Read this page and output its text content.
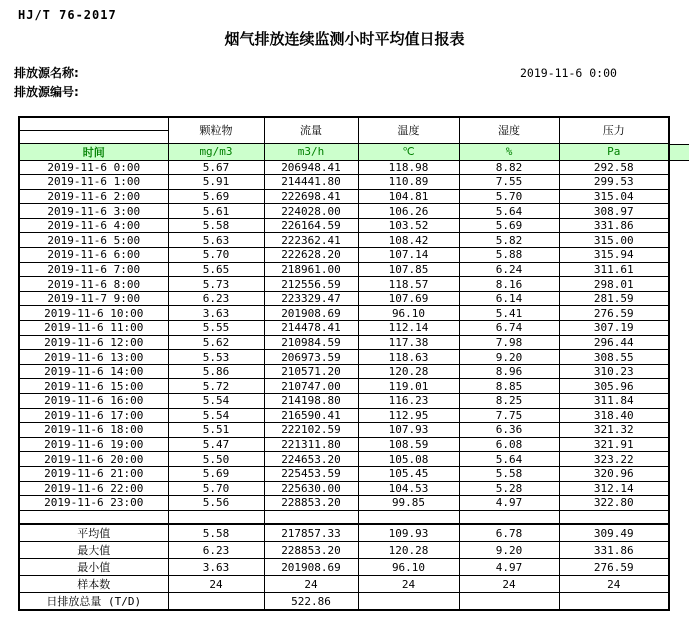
HJ/T 76-2017
烟气排放连续监测小时平均值日报表
排放源名称:
排放源编号:
2019-11-6 0:00
	颗粒物	流量	温度	湿度	压力

时间	mg/m3	m3/h	℃	%	Pa
2019-11-6 0:00	5.67	206948.41	118.98	8.82	292.58
2019-11-6 1:00	5.91	214441.80	110.89	7.55	299.53
2019-11-6 2:00	5.69	222698.41	104.81	5.70	315.04
2019-11-6 3:00	5.61	224028.00	106.26	5.64	308.97
2019-11-6 4:00	5.58	226164.59	103.52	5.69	331.86
2019-11-6 5:00	5.63	222362.41	108.42	5.82	315.00
2019-11-6 6:00	5.70	222628.20	107.14	5.88	315.94
2019-11-6 7:00	5.65	218961.00	107.85	6.24	311.61
2019-11-6 8:00	5.73	212556.59	118.57	8.16	298.01
2019-11-7 9:00	6.23	223329.47	107.69	6.14	281.59
2019-11-6 10:00	3.63	201908.69	96.10	5.41	276.59
2019-11-6 11:00	5.55	214478.41	112.14	6.74	307.19
2019-11-6 12:00	5.62	210984.59	117.38	7.98	296.44
2019-11-6 13:00	5.53	206973.59	118.63	9.20	308.55
2019-11-6 14:00	5.86	210571.20	120.28	8.96	310.23
2019-11-6 15:00	5.72	210747.00	119.01	8.85	305.96
2019-11-6 16:00	5.54	214198.80	116.23	8.25	311.84
2019-11-6 17:00	5.54	216590.41	112.95	7.75	318.40
2019-11-6 18:00	5.51	222102.59	107.93	6.36	321.32
2019-11-6 19:00	5.47	221311.80	108.59	6.08	321.91
2019-11-6 20:00	5.50	224653.20	105.08	5.64	323.22
2019-11-6 21:00	5.69	225453.59	105.45	5.58	320.96
2019-11-6 22:00	5.70	225630.00	104.53	5.28	312.14
2019-11-6 23:00	5.56	228853.20	99.85	4.97	322.80

平均值	5.58	217857.33	109.93	6.78	309.49
最大值	6.23	228853.20	120.28	9.20	331.86
最小值	3.63	201908.69	96.10	4.97	276.59
样本数	24	24	24	24	24
日排放总量 (T/D)		522.86			
